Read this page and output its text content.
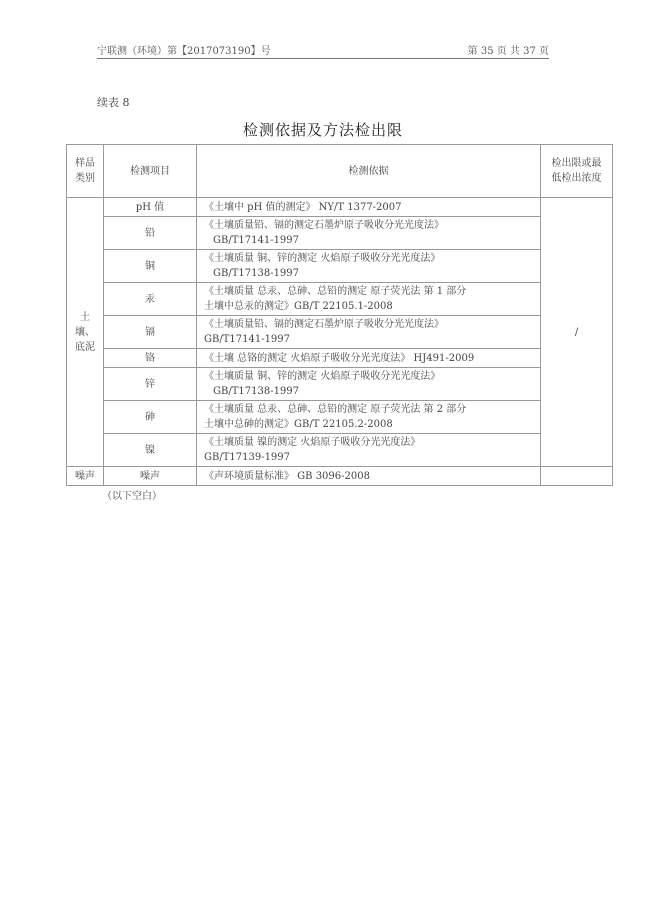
宁联测（环境）第【2017073190】号	第 35 页 共 37 页
续表 8
检测依据及方法检出限
样品
类别	检测项目	检测依据	检出限或最
低检出浓度
土
壤、
底泥	pH 值	《土壤中 pH 值的测定》 NY/T 1377-2007	/
	铅	《土壤质量铅、镉的测定石墨炉原子吸收分光光度法》
GB/T17141-1997	

	铜	《土壤质量 铜、锌的测定 火焰原子吸收分光光度法》
GB/T17138-1997	

	汞	《土壤质量 总汞、总砷、总铅的测定 原子荧光法 第 1 部分
土壤中总汞的测定》GB/T 22105.1-2008	

	镉	《土壤质量铅、镉的测定石墨炉原子吸收分光光度法》
GB/T17141-1997	

	铬	《土壤 总铬的测定 火焰原子吸收分光光度法》 HJ491-2009	
	锌	《土壤质量 铜、锌的测定 火焰原子吸收分光光度法》
GB/T17138-1997	

	砷	《土壤质量 总汞、总砷、总铅的测定 原子荧光法 第 2 部分
土壤中总砷的测定》GB/T 22105.2-2008	

	镍	《土壤质量 镍的测定 火焰原子吸收分光光度法》
GB/T17139-1997	

噪声	噪声	《声环境质量标准》 GB 3096-2008	
（以下空白）
